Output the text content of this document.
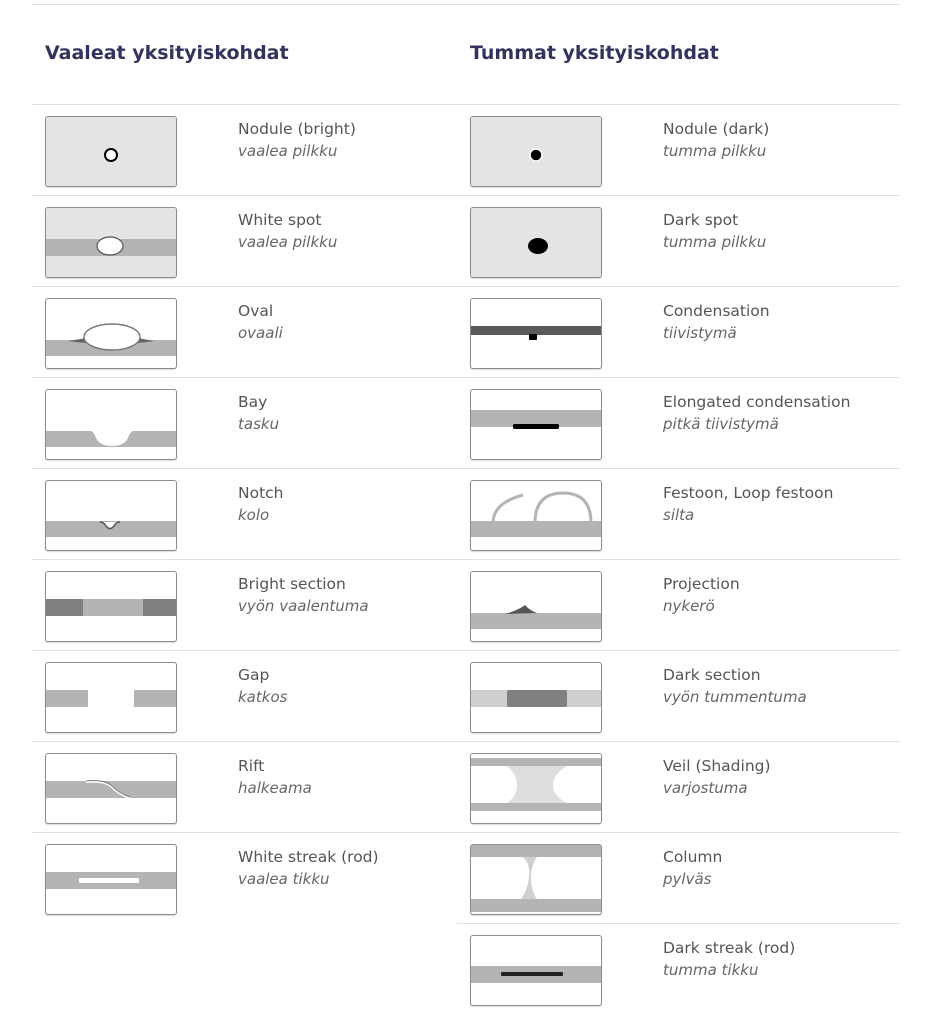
Vaaleat yksityiskohdat
Nodule (bright)
vaalea pilkku
White spot
vaalea pilkku
Oval
ovaali
Bay
tasku
Notch
kolo
Bright section
vyön vaalentuma
Gap
katkos
Rift
halkeama
White streak (rod)
vaalea tikku
Tummat yksityiskohdat
Nodule (dark)
tumma pilkku
Dark spot
tumma pilkku
Condensation
tiivistymä
Elongated condensation
pitkä tiivistymä
Festoon, Loop festoon
silta
Projection
nykerö
Dark section
vyön tummentuma
Veil (Shading)
varjostuma
Column
pylväs
Dark streak (rod)
tumma tikku
